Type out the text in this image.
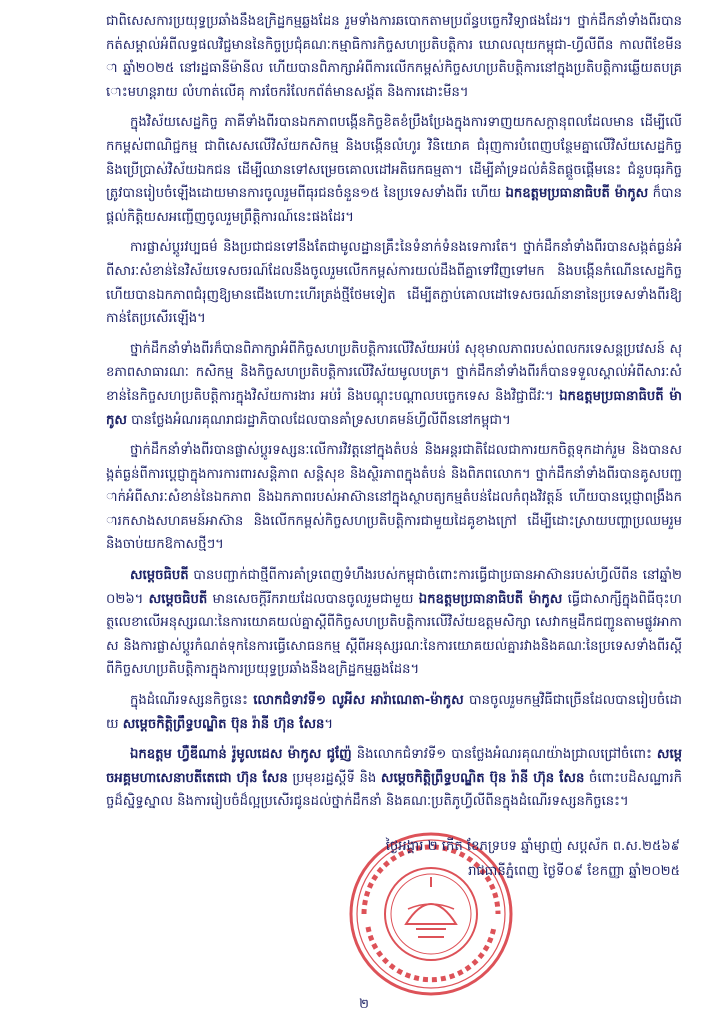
ជាពិសេសការប្រយុទ្ធប្រឆាំងនឹងឧក្រិដ្ឋកម្មឆ្លងដែន រួមទាំងការឆបោកតាមប្រព័ន្ធបច្ចេកវិទ្យាផងដែរ។ ថ្នាក់ដឹកនាំទាំងពីរបានកត់សម្គាល់អំពីលទ្ធផលវិជ្ជមាននៃកិច្ចប្រជុំគណៈកម្មាធិការកិច្ចសហប្រតិបត្តិការ ឃោលលុយកម្ពុជា-ហ្វីលីពីន កាលពីខែមីនា ឆ្នាំ២០២៥ នៅរដ្ឋធានីម៉ានីល ហើយបានពិភាក្សាអំពីការលើកកម្ពស់កិច្ចសហប្រតិបត្តិការនៅក្នុងប្រតិបត្តិការឆ្លើយតបគ្រោះមហន្តរាយ លំហាត់លើគុ ការចែករំលែកព័ត៌មានសង្គ័ត និងការដោះមីន។

ក្នុងវិស័យសេដ្ឋកិច្ច ភាគីទាំងពីរបានឯកភាពបង្កើនកិច្ចខិតខំប្រឹងប្រែងក្នុងការទាញយកសក្តានុពលដែលមាន ដើម្បីលើកកម្ពស់ពាណិជ្ជកម្ម ជាពិសេសលើវិស័យកសិកម្ម និងបង្កើនលំហូរ វិនិយោគ ជំរុញការបំពេញបន្ថែមគ្នាលើវិស័យសេដ្ឋកិច្ច និងប្រើប្រាស់វិស័យឯកជន ដើម្បីឈានទៅសម្រេចគោលដៅអតិរេកធម្មតា។ ដើម្បីគាំទ្រដល់គំនិតផ្តួចផ្តើមនេះ ជំនួបធុរកិច្ចត្រូវបានរៀបចំឡើងដោយមានការចូលរួមពីធុរជនចំនួន១៥ នៃប្រទេសទាំងពីរ ហើយ ឯកឧត្តមប្រធានាធិបតី ម៉ាកូស ក៏បានផ្តល់កិត្តិយសអញ្ជើញចូលរួមព្រឹត្តិការណ៍នេះផងដែរ។

ការផ្លាស់ប្តូរវប្បធម៌ និងប្រជាជនទៅនឹងតែជាមូលដ្ឋានគ្រឹះនៃទំនាក់ទំនងទេការតែ។ ថ្នាក់ដឹកនាំទាំងពីរបានសង្កត់ធ្ងន់អំពីសារៈសំខាន់នៃវិស័យទេសចរណ៍ដែលនឹងចូលរួមលើកកម្ពស់ការយល់ដឹងពីគ្នាទៅវិញទៅមក និងបង្កើនកំណើនសេដ្ឋកិច្ច ហើយបានឯកភាពជំរុញឱ្យមានជើងហោះហើរត្រង់ថ្មីថែមទៀត ដើម្បីតភ្ជាប់គោលដៅទេសចរណ៍នានានៃប្រទេសទាំងពីរឱ្យកាន់តែប្រសើរឡើង។

ថ្នាក់ដឹកនាំទាំងពីរក៏បានពិភាក្សាអំពីកិច្ចសហប្រតិបត្តិការលើវិស័យអប់រំ សុខុមាលភាពរបស់ពលករទេសន្តប្រវេសន៍ សុខភាពសាធារណៈ កសិកម្ម និងកិច្ចសហប្រតិបត្តិការលើវិស័យមូលបត្រ។ ថ្នាក់ដឹកនាំទាំងពីរក៏បានទទួលស្គាល់អំពីសារៈសំខាន់នៃកិច្ចសហប្រតិបត្តិការក្នុងវិស័យការងារ អប់រំ និងបណ្តុះបណ្តាលបច្ចេកទេស និងវិជ្ជាជីវៈ។ ឯកឧត្តមប្រធានាធិបតី ម៉ាកូស បានថ្លែងអំណរគុណរាជរដ្ឋាភិបាលដែលបានគាំទ្រសហគមន៍ហ្វីលីពីននៅកម្ពុជា។

ថ្នាក់ដឹកនាំទាំងពីរបានផ្លាស់ប្តូរទស្សនៈលើការវិវត្តនៅក្នុងតំបន់ និងអន្តរជាតិដែលជាការយកចិត្តទុកដាក់រួម និងបានសង្កត់ធ្ងន់ពីការប្តេជ្ញាក្នុងការការពារសន្តិភាព សន្តិសុខ និងស្ថិរភាពក្នុងតំបន់ និងពិភពលោក។ ថ្នាក់ដឹកនាំទាំងពីរបានគូសបញ្ជាក់អំពីសារៈសំខាន់នៃឯកភាព និងឯកភាពរបស់អាស៊ាននៅក្នុងស្ថាបត្យកម្មតំបន់ដែលកំពុងវិវត្តន៍ ហើយបានប្តេជ្ញាពង្រឹងការកសាងសហគមន៍អាស៊ាន និងលើកកម្ពស់កិច្ចសហប្រតិបត្តិការជាមួយដៃគូខាងក្រៅ ដើម្បីដោះស្រាយបញ្ហាប្រឈមរួម និងចាប់យកឱកាសថ្មីៗ។

សម្តេចធិបតី បានបញ្ជាក់ជាថ្មីពីការគាំទ្រពេញទំហឹងរបស់កម្ពុជាចំពោះការធ្វើជាប្រធានអាស៊ានរបស់ហ្វីលីពីន នៅឆ្នាំ២០២៦។ សម្តេចធិបតី មានសេចក្តីរីករាយដែលបានចូលរួមជាមួយ ឯកឧត្តមប្រធានាធិបតី ម៉ាកូស ធ្វើជាសាក្សីក្នុងពិធីចុះហត្ថលេខាលើអនុស្សរណៈនៃការយោគយល់គ្នាស្តីពីកិច្ចសហប្រតិបត្តិការលើវិស័យឧត្តមសិក្សា សេវាកម្មដឹកជញ្ជូនតាមផ្លូវអាកាស និងការផ្លាស់ប្តូរកំណត់ទុកនៃការធ្វើសោធនកម្ម ស្តីពីអនុស្សរណៈនៃការយោគយល់គ្នារវាងនិងគណៈនៃប្រទេសទាំងពីរស្តីពីកិច្ចសហប្រតិបត្តិការក្នុងការប្រយុទ្ធប្រឆាំងនឹងឧក្រិដ្ឋកម្មឆ្លងដែន។

ក្នុងដំណើរទស្សនកិច្ចនេះ លោកជំទាវទី១ លូអីស អារ៉ាណេតា-ម៉ាកូស បានចូលរួមកម្មវិធីជាច្រើនដែលបានរៀបចំដោយ សម្តេចកិត្តិព្រឹទ្ធបណ្ឌិត ប៊ុន រ៉ានី ហ៊ុន សែន។

ឯកឧត្តម ហ្វឺឌីណាន់ រ៉ូមូលដេស ម៉ាកូស ជូញ៉ែ និងលោកជំទាវទី១ បានថ្លែងអំណរគុណយ៉ាងជ្រាលជ្រៅចំពោះ សម្តេចអគ្គមហាសេនាបតីតេជោ ហ៊ុន សែន ប្រមុខរដ្ឋស្តីទី និង សម្តេចកិត្តិព្រឹទ្ធបណ្ឌិត ប៊ុន រ៉ានី ហ៊ុន សែន ចំពោះបដិសណ្ឋារកិច្ចដ៏ស្និទ្ធស្នាល និងការរៀបចំដ៏ល្អប្រសើរជូនដល់ថ្នាក់ដឹកនាំ និងគណៈប្រតិភូហ្វីលីពីនក្នុងដំណើរទស្សនកិច្ចនេះ។

ថ្ងៃអង្គារ ២ កើត ខែភទ្របទ ឆ្នាំម្សាញ់ សប្តស័ក ព.ស.២៥៦៩
រាជធានីភ្នំពេញ ថ្ងៃទី០៩ ខែកញ្ញា ឆ្នាំ២០២៥
២
